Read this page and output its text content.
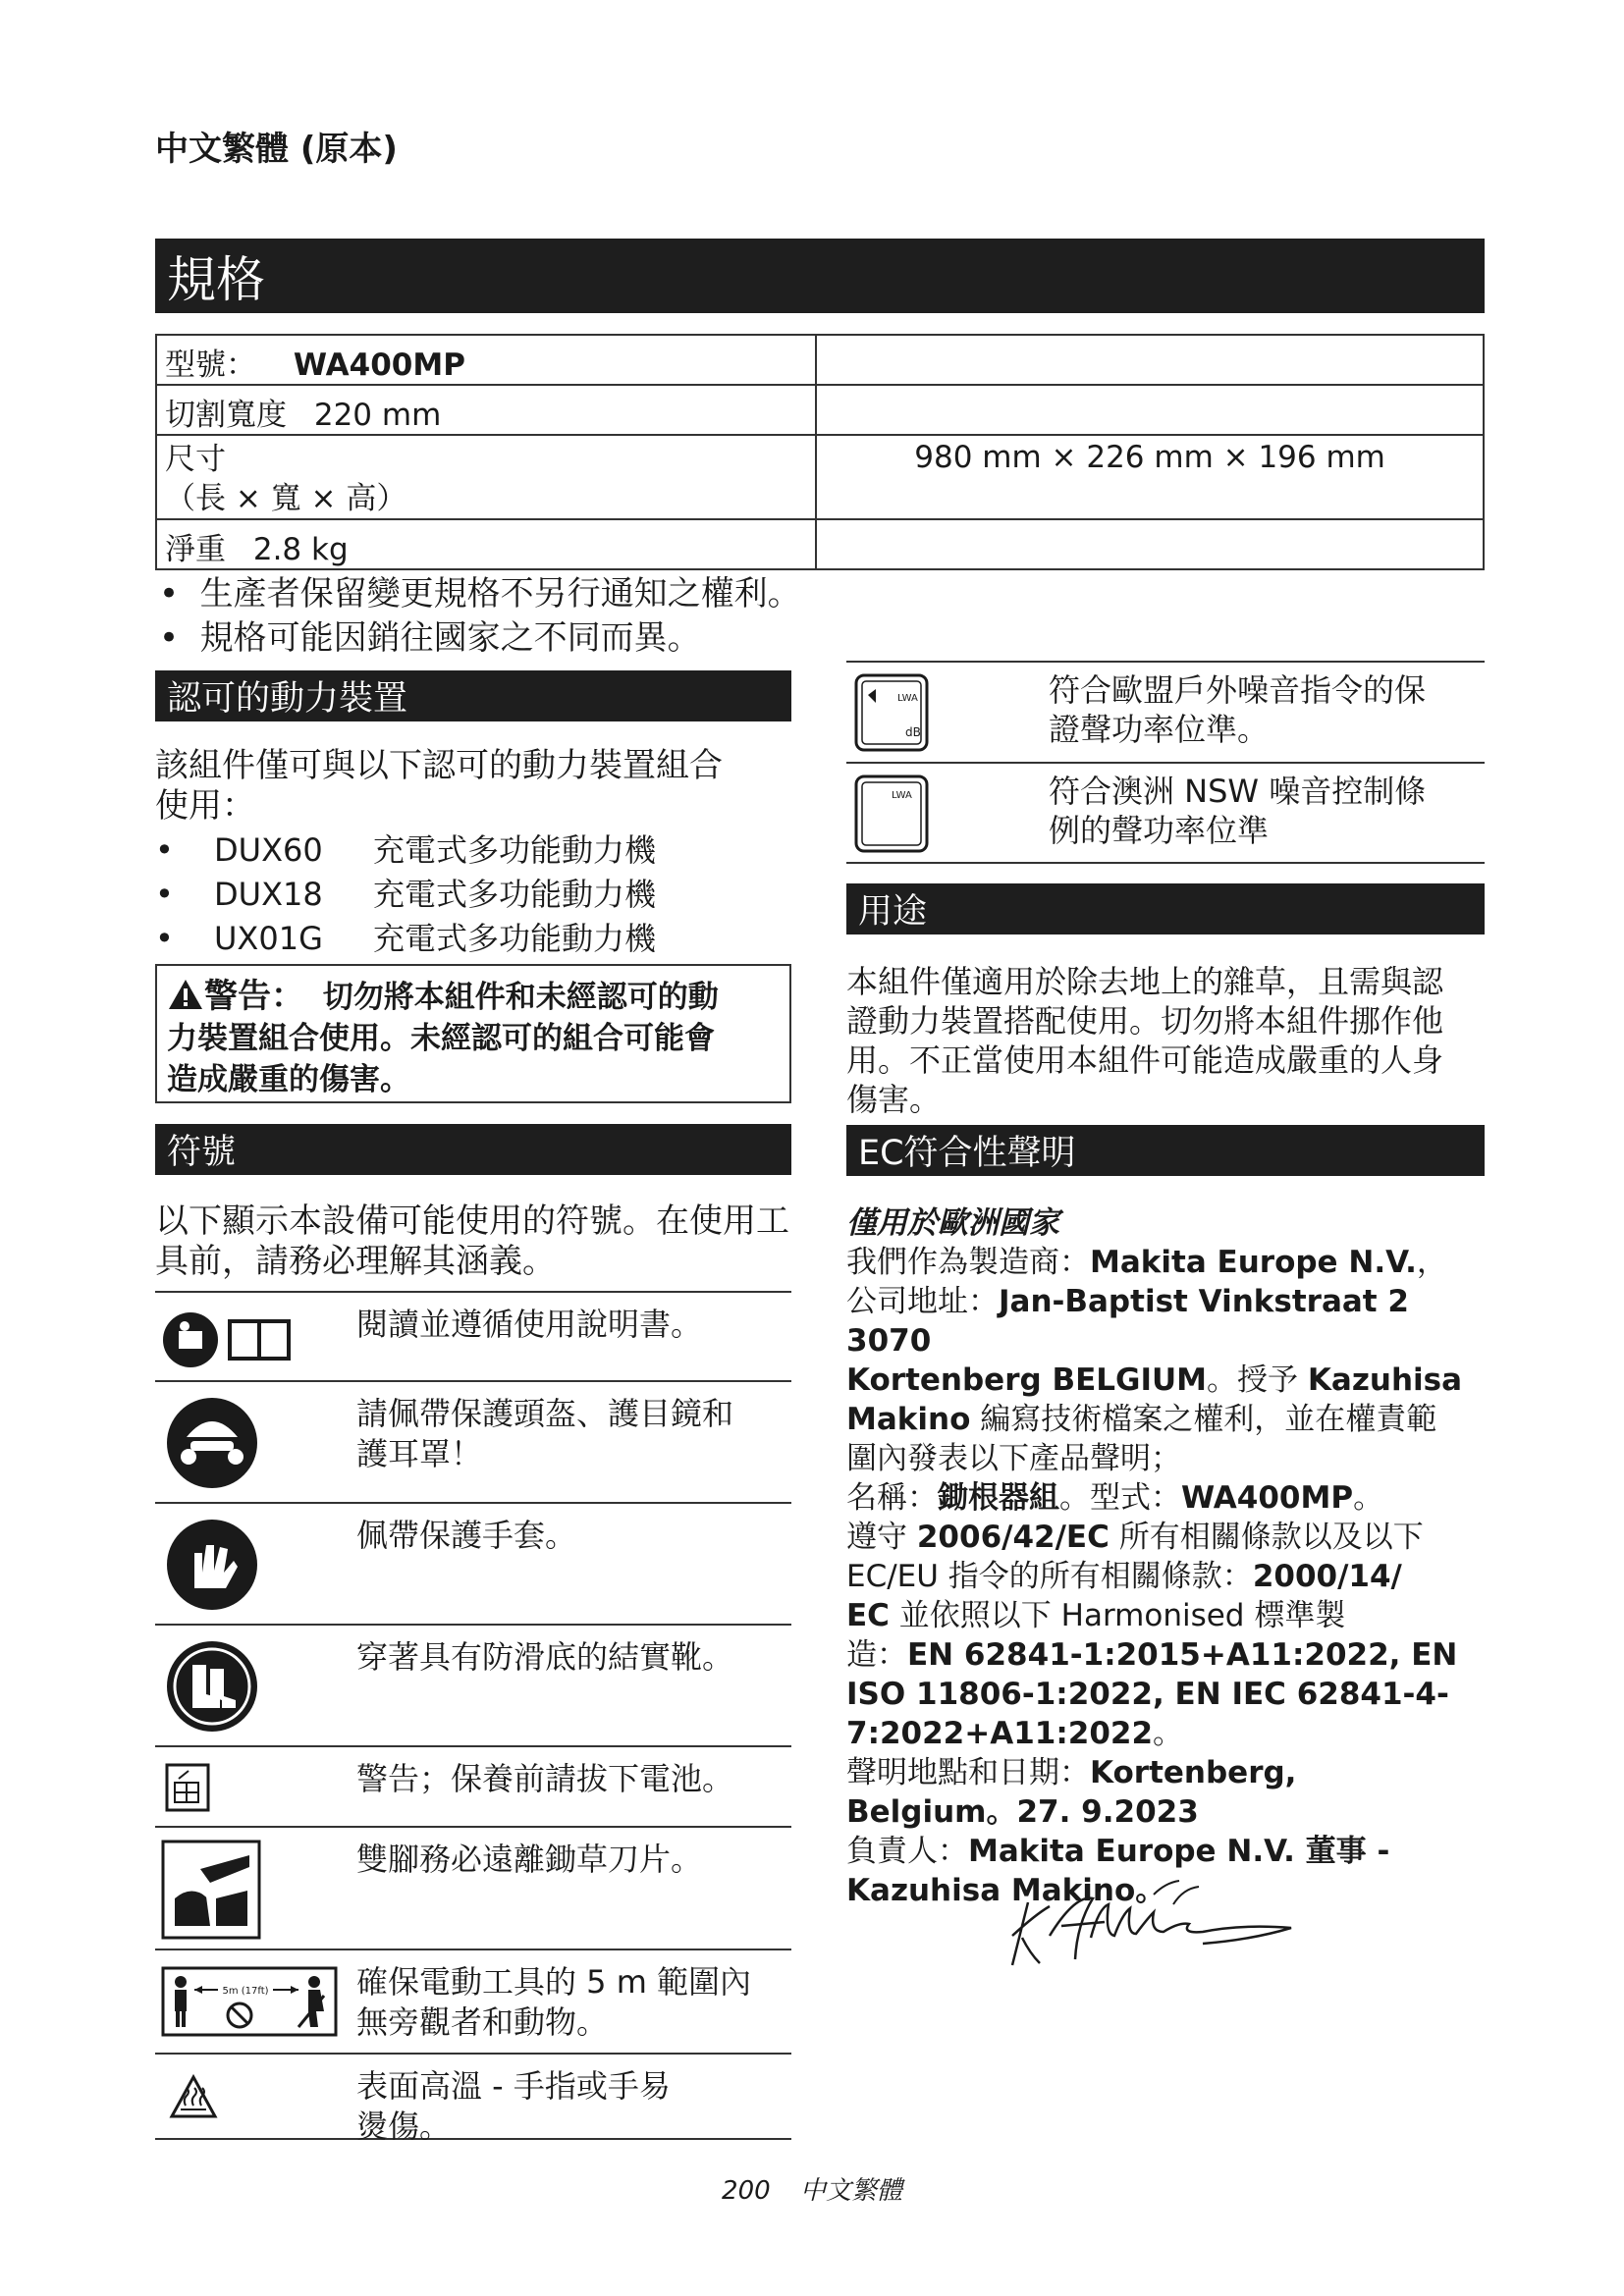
中文繁體 (原本)
規格
型號： WA400MP	
切割寬度 220 mm	

尺寸
（長 × 寬 × 高）	980 mm × 226 mm × 196 mm
淨重 2.8 kg	
•  生產者保留變更規格不另行通知之權利。
•  規格可能因銷往國家之不同而異。
認可的動力裝置
該組件僅可與以下認可的動力裝置組合
使用：
• DUX60 充電式多功能動力機
• DUX18 充電式多功能動力機
• UX01G 充電式多功能動力機
警告： 切勿將本組件和未經認可的動
力裝置組合使用。未經認可的組合可能會
造成嚴重的傷害。
符號
以下顯示本設備可能使用的符號。在使用工
具前，請務必理解其涵義。
閱讀並遵循使用說明書。
請佩帶保護頭盔、護目鏡和
護耳罩！
佩帶保護手套。
穿著具有防滑底的結實靴。
警告；保養前請拔下電池。
雙腳務必遠離鋤草刀片。
5m (17ft)	確保電動工具的 5 m 範圍內
無旁觀者和動物。
表面高溫 - 手指或手易
燙傷。
LWA
dB
符合歐盟戶外噪音指令的保
證聲功率位準。
LWA	符合澳洲 NSW 噪音控制條
例的聲功率位準
用途
本組件僅適用於除去地上的雜草，且需與認
證動力裝置搭配使用。切勿將本組件挪作他
用。不正當使用本組件可能造成嚴重的人身
傷害。
EC符合性聲明
僅用於歐洲國家
我們作為製造商：Makita Europe N.V.，
公司地址：Jan-Baptist Vinkstraat 2 3070
Kortenberg BELGIUM。授予 Kazuhisa
Makino 編寫技術檔案之權利，並在權責範
圍內發表以下產品聲明；
名稱：鋤根器組。型式：WA400MP。
遵守 2006/42/EC 所有相關條款以及以下
EC/EU 指令的所有相關條款：2000/14/
EC 並依照以下 Harmonised 標準製
造：EN 62841-1:2015+A11:2022, EN
ISO 11806-1:2022, EN IEC 62841-4-
7:2022+A11:2022。
聲明地點和日期：Kortenberg,
Belgium。27. 9.2023
負責人：Makita Europe N.V. 董事 -
Kazuhisa Makino。
200 中文繁體
